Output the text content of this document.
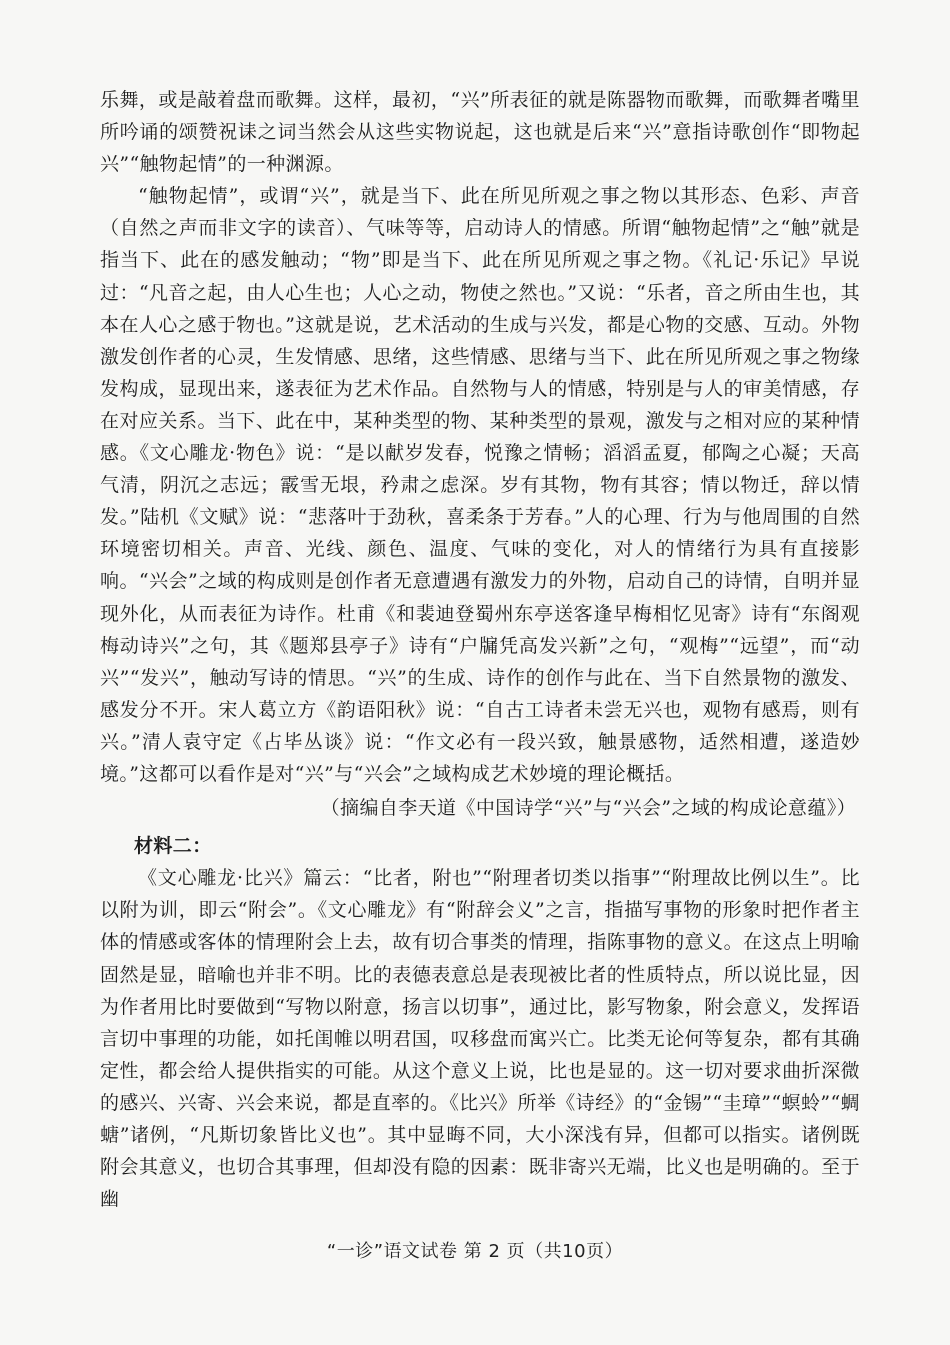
乐舞，或是敲着盘而歌舞。这样，最初，“兴”所表征的就是陈器物而歌舞，而歌舞者嘴里所吟诵的颂赞祝诔之词当然会从这些实物说起，这也就是后来“兴”意指诗歌创作“即物起兴”“触物起情”的一种渊源。

“触物起情”，或谓“兴”，就是当下、此在所见所观之事之物以其形态、色彩、声音（自然之声而非文字的读音）、气味等等，启动诗人的情感。所谓“触物起情”之“触”就是指当下、此在的感发触动；“物”即是当下、此在所见所观之事之物。《礼记·乐记》早说过：“凡音之起，由人心生也；人心之动，物使之然也。”又说：“乐者，音之所由生也，其本在人心之感于物也。”这就是说，艺术活动的生成与兴发，都是心物的交感、互动。外物激发创作者的心灵，生发情感、思绪，这些情感、思绪与当下、此在所见所观之事之物缘发构成，显现出来，遂表征为艺术作品。自然物与人的情感，特别是与人的审美情感，存在对应关系。当下、此在中，某种类型的物、某种类型的景观，激发与之相对应的某种情感。《文心雕龙·物色》说：“是以献岁发春，悦豫之情畅；滔滔孟夏，郁陶之心凝；天高气清，阴沉之志远；霰雪无垠，矜肃之虑深。岁有其物，物有其容；情以物迁，辞以情发。”陆机《文赋》说：“悲落叶于劲秋，喜柔条于芳春。”人的心理、行为与他周围的自然环境密切相关。声音、光线、颜色、温度、气味的变化，对人的情绪行为具有直接影响。“兴会”之域的构成则是创作者无意遭遇有激发力的外物，启动自己的诗情，自明并显现外化，从而表征为诗作。杜甫《和裴迪登蜀州东亭送客逢早梅相忆见寄》诗有“东阁观梅动诗兴”之句，其《题郑县亭子》诗有“户牖凭高发兴新”之句，“观梅”“远望”，而“动兴”“发兴”，触动写诗的情思。“兴”的生成、诗作的创作与此在、当下自然景物的激发、感发分不开。宋人葛立方《韵语阳秋》说：“自古工诗者未尝无兴也，观物有感焉，则有兴。”清人袁守定《占毕丛谈》说：“作文必有一段兴致，触景感物，适然相遭，遂造妙境。”这都可以看作是对“兴”与“兴会”之域构成艺术妙境的理论概括。

（摘编自李天道《中国诗学“兴”与“兴会”之域的构成论意蕴》）

材料二：

《文心雕龙·比兴》篇云：“比者，附也”“附理者切类以指事”“附理故比例以生”。比以附为训，即云“附会”。《文心雕龙》有“附辞会义”之言，指描写事物的形象时把作者主体的情感或客体的情理附会上去，故有切合事类的情理，指陈事物的意义。在这点上明喻固然是显，暗喻也并非不明。比的表德表意总是表现被比者的性质特点，所以说比显，因为作者用比时要做到“写物以附意，扬言以切事”，通过比，影写物象，附会意义，发挥语言切中事理的功能，如托闺帷以明君国，叹移盘而寓兴亡。比类无论何等复杂，都有其确定性，都会给人提供指实的可能。从这个意义上说，比也是显的。这一切对要求曲折深微的感兴、兴寄、兴会来说，都是直率的。《比兴》所举《诗经》的“金锡”“圭璋”“螟蛉”“蜩螗”诸例，“凡斯切象皆比义也”。其中显晦不同，大小深浅有异，但都可以指实。诸例既附会其意义，也切合其事理，但却没有隐的因素：既非寄兴无端，比义也是明确的。至于幽

“一诊”语文试卷 第 2 页（共10页）
